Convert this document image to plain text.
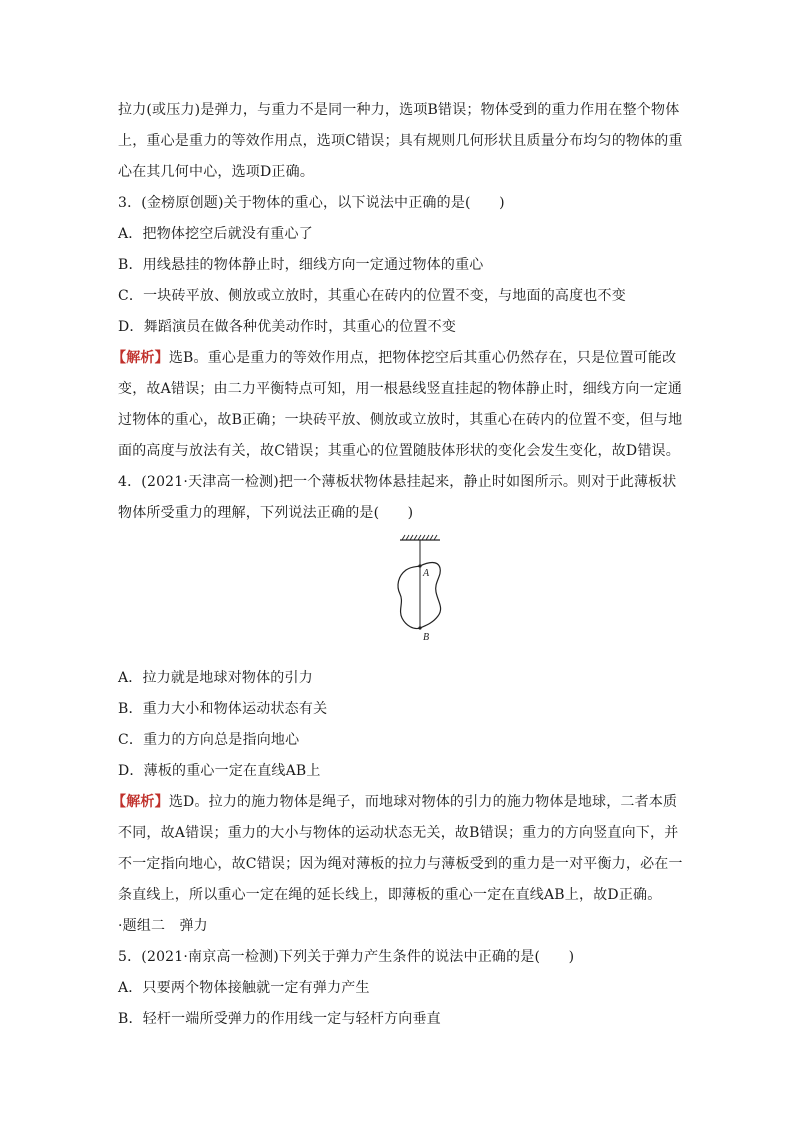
拉力(或压力)是弹力，与重力不是同一种力，选项B错误；物体受到的重力作用在整个物体
上，重心是重力的等效作用点，选项C错误；具有规则几何形状且质量分布均匀的物体的重
心在其几何中心，选项D正确。
3．(金榜原创题)关于物体的重心，以下说法中正确的是(　　)
A．把物体挖空后就没有重心了
B．用线悬挂的物体静止时，细线方向一定通过物体的重心
C．一块砖平放、侧放或立放时，其重心在砖内的位置不变，与地面的高度也不变
D．舞蹈演员在做各种优美动作时，其重心的位置不变
【解析】选B。重心是重力的等效作用点，把物体挖空后其重心仍然存在，只是位置可能改
变，故A错误；由二力平衡特点可知，用一根悬线竖直挂起的物体静止时，细线方向一定通
过物体的重心，故B正确；一块砖平放、侧放或立放时，其重心在砖内的位置不变，但与地
面的高度与放法有关，故C错误；其重心的位置随肢体形状的变化会发生变化，故D错误。
4．(2021·天津高一检测)把一个薄板状物体悬挂起来，静止时如图所示。则对于此薄板状
物体所受重力的理解，下列说法正确的是(　　)
A
B
A．拉力就是地球对物体的引力
B．重力大小和物体运动状态有关
C．重力的方向总是指向地心
D．薄板的重心一定在直线AB上
【解析】选D。拉力的施力物体是绳子，而地球对物体的引力的施力物体是地球，二者本质
不同，故A错误；重力的大小与物体的运动状态无关，故B错误；重力的方向竖直向下，并
不一定指向地心，故C错误；因为绳对薄板的拉力与薄板受到的重力是一对平衡力，必在一
条直线上，所以重心一定在绳的延长线上，即薄板的重心一定在直线AB上，故D正确。
·题组二　弹力
5．(2021·南京高一检测)下列关于弹力产生条件的说法中正确的是(　　)
A．只要两个物体接触就一定有弹力产生
B．轻杆一端所受弹力的作用线一定与轻杆方向垂直
